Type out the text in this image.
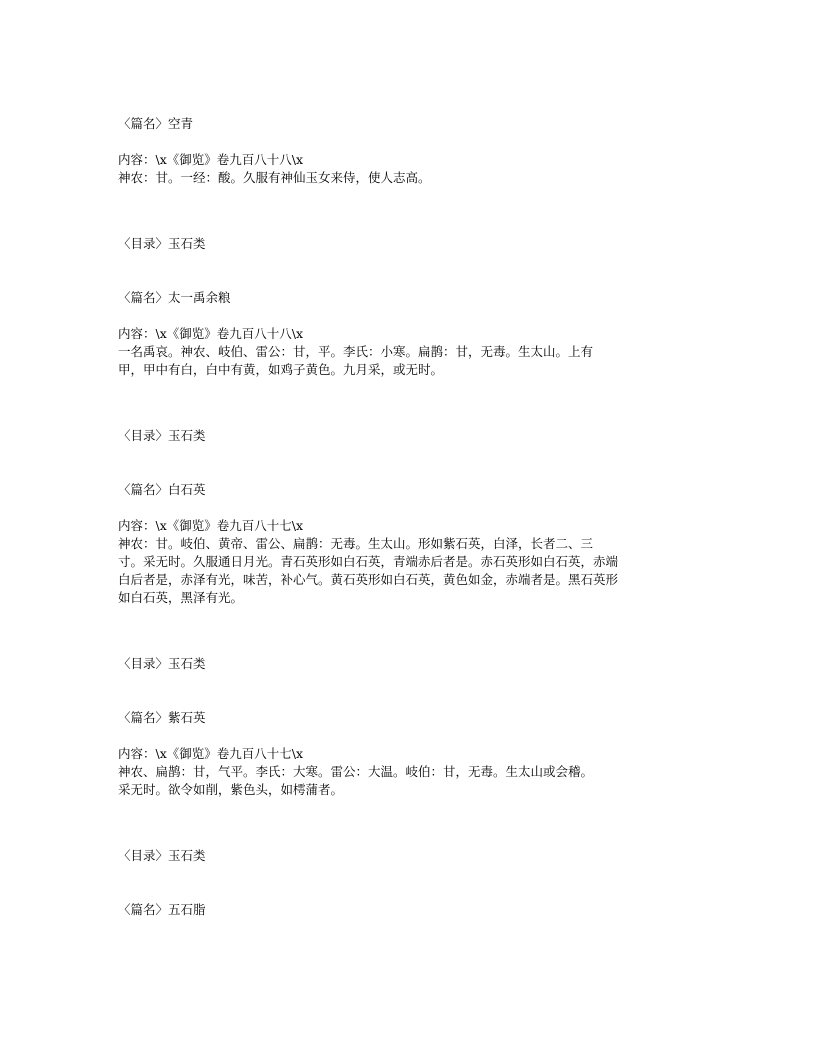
〈篇名〉空青
内容：\x《御览》卷九百八十八\x
神农：甘。一经：酸。久服有神仙玉女来侍，使人志高。
〈目录〉玉石类
〈篇名〉太一禹余粮
内容：\x《御览》卷九百八十八\x
一名禹哀。神农、岐伯、雷公：甘，平。李氏：小寒。扁鹊：甘，无毒。生太山。上有
甲，甲中有白，白中有黄，如鸡子黄色。九月采，或无时。
〈目录〉玉石类
〈篇名〉白石英
内容：\x《御览》卷九百八十七\x
神农：甘。岐伯、黄帝、雷公、扁鹊：无毒。生太山。形如紫石英，白泽，长者二、三
寸。采无时。久服通日月光。青石英形如白石英，青端赤后者是。赤石英形如白石英，赤端
白后者是，赤泽有光，味苦，补心气。黄石英形如白石英，黄色如金，赤端者是。黑石英形
如白石英，黑泽有光。
〈目录〉玉石类
〈篇名〉紫石英
内容：\x《御览》卷九百八十七\x
神农、扁鹊：甘，气平。李氏：大寒。雷公：大温。岐伯：甘，无毒。生太山或会稽。
采无时。欲令如削，紫色头，如樗蒲者。
〈目录〉玉石类
〈篇名〉五石脂
